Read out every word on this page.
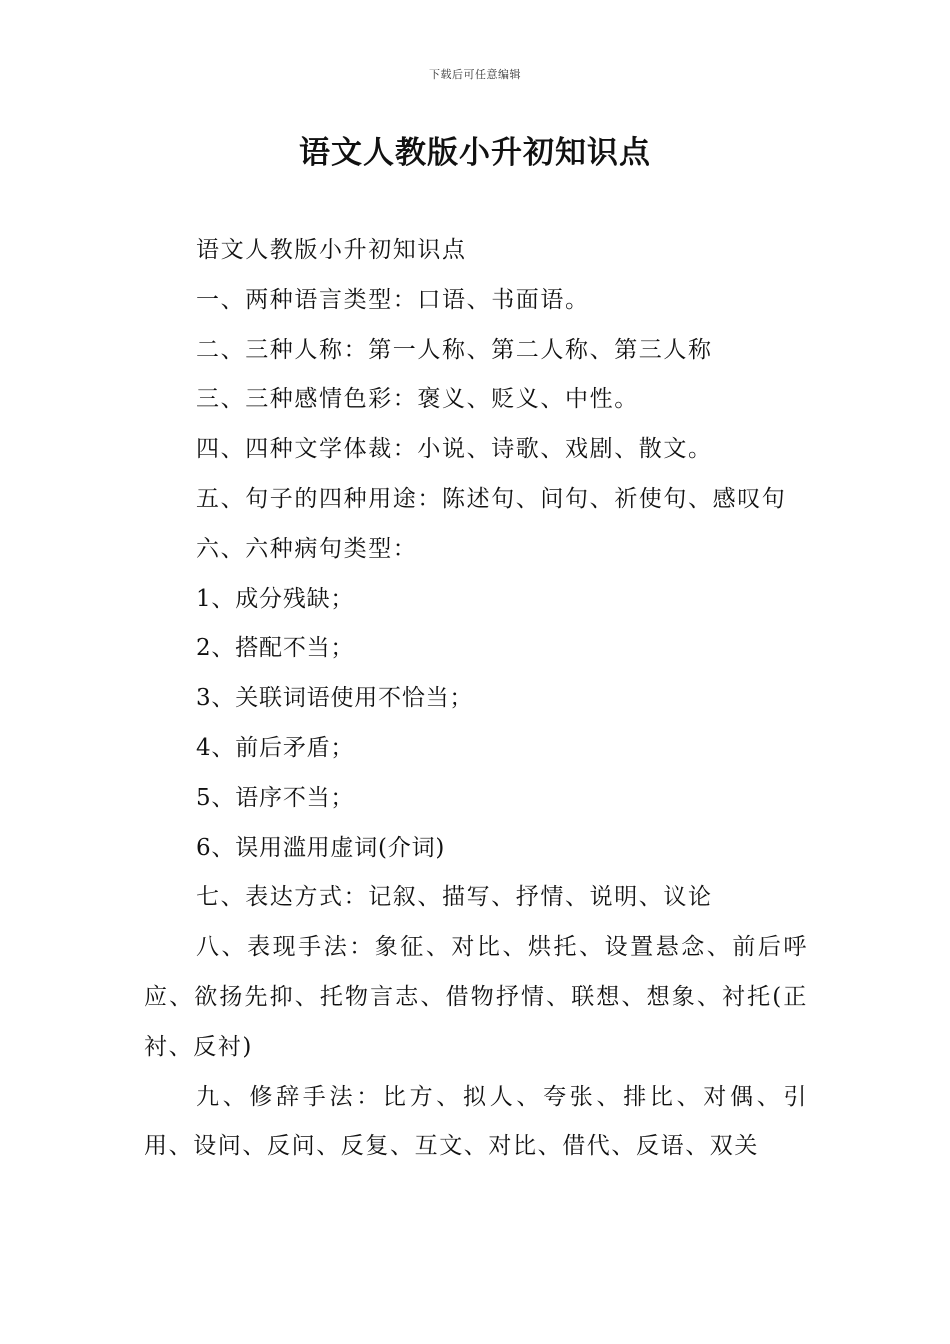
下载后可任意编辑
语文人教版小升初知识点

语文人教版小升初知识点

一、两种语言类型：口语、书面语。

二、三种人称：第一人称、第二人称、第三人称

三、三种感情色彩：褒义、贬义、中性。

四、四种文学体裁：小说、诗歌、戏剧、散文。

五、句子的四种用途：陈述句、问句、祈使句、感叹句

六、六种病句类型：

1、成分残缺；

2、搭配不当；

3、关联词语使用不恰当；

4、前后矛盾；

5、语序不当；

6、误用滥用虚词(介词)

七、表达方式：记叙、描写、抒情、说明、议论

八、表现手法：象征、对比、烘托、设置悬念、前后呼应、欲扬先抑、托物言志、借物抒情、联想、想象、衬托(正衬、反衬)

九、修辞手法：比方、拟人、夸张、排比、对偶、引用、设问、反问、反复、互文、对比、借代、反语、双关
